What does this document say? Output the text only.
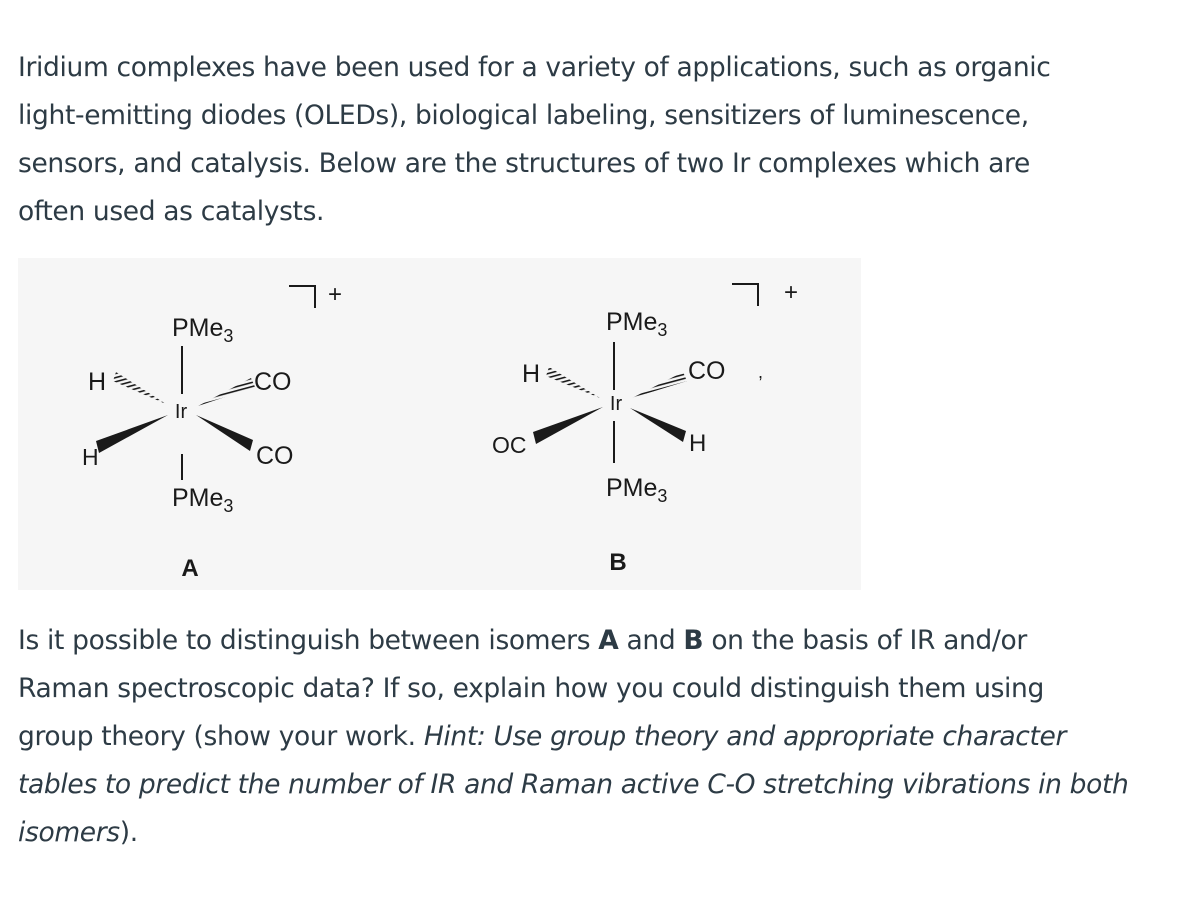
Iridium complexes have been used for a variety of applications, such as organic
light-emitting diodes (OLEDs), biological labeling, sensitizers of luminescence,
sensors, and catalysis. Below are the structures of two Ir complexes which are
often used as catalysts.

+
PMe$_3$
Ir
H	CO
H	CO
PMe$_3$
A
+
PMe$_3$
Ir
H	CO ,
OC	H
PMe$_3$
B

Is it possible to distinguish between isomers A and B on the basis of IR and/or
Raman spectroscopic data? If so, explain how you could distinguish them using
group theory (show your work. Hint: Use group theory and appropriate character
tables to predict the number of IR and Raman active C-O stretching vibrations in both
isomers).
